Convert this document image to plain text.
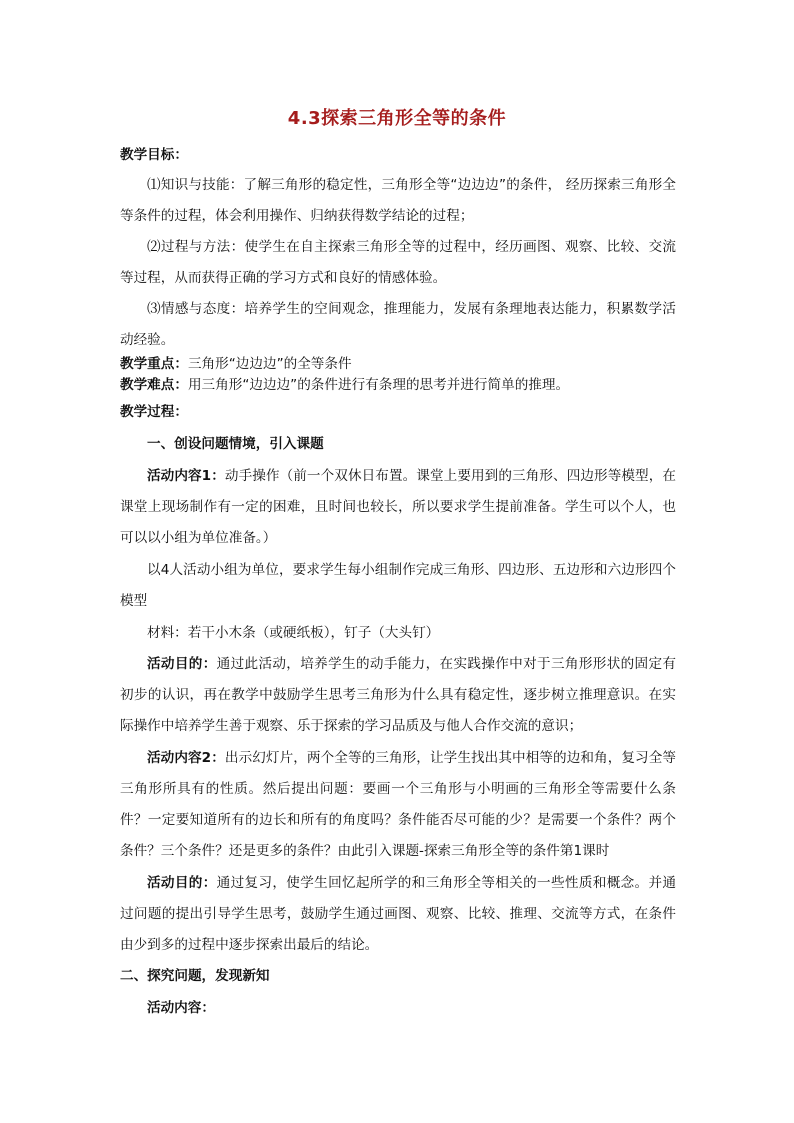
4.3探索三角形全等的条件

教学目标：

⑴知识与技能：了解三角形的稳定性，三角形全等“边边边”的条件， 经历探索三角形全等条件的过程，体会利用操作、归纳获得数学结论的过程；

⑵过程与方法：使学生在自主探索三角形全等的过程中，经历画图、观察、比较、交流等过程，从而获得正确的学习方式和良好的情感体验。

⑶情感与态度：培养学生的空间观念，推理能力，发展有条理地表达能力，积累数学活动经验。

教学重点：三角形“边边边”的全等条件

教学难点：用三角形“边边边”的条件进行有条理的思考并进行简单的推理。

教学过程：

一、创设问题情境，引入课题

活动内容1：动手操作（前一个双休日布置。课堂上要用到的三角形、四边形等模型，在课堂上现场制作有一定的困难，且时间也较长，所以要求学生提前准备。学生可以个人，也可以以小组为单位准备。）

以4人活动小组为单位，要求学生每小组制作完成三角形、四边形、五边形和六边形四个模型

材料：若干小木条（或硬纸板），钉子（大头钉）

活动目的：通过此活动，培养学生的动手能力，在实践操作中对于三角形形状的固定有初步的认识，再在教学中鼓励学生思考三角形为什么具有稳定性，逐步树立推理意识。在实际操作中培养学生善于观察、乐于探索的学习品质及与他人合作交流的意识；

活动内容2：出示幻灯片，两个全等的三角形，让学生找出其中相等的边和角，复习全等三角形所具有的性质。然后提出问题：要画一个三角形与小明画的三角形全等需要什么条件？一定要知道所有的边长和所有的角度吗？条件能否尽可能的少？是需要一个条件？两个条件？三个条件？还是更多的条件？由此引入课题-探索三角形全等的条件第1课时

活动目的：通过复习，使学生回忆起所学的和三角形全等相关的一些性质和概念。并通过问题的提出引导学生思考，鼓励学生通过画图、观察、比较、推理、交流等方式，在条件由少到多的过程中逐步探索出最后的结论。

二、探究问题，发现新知

活动内容：
